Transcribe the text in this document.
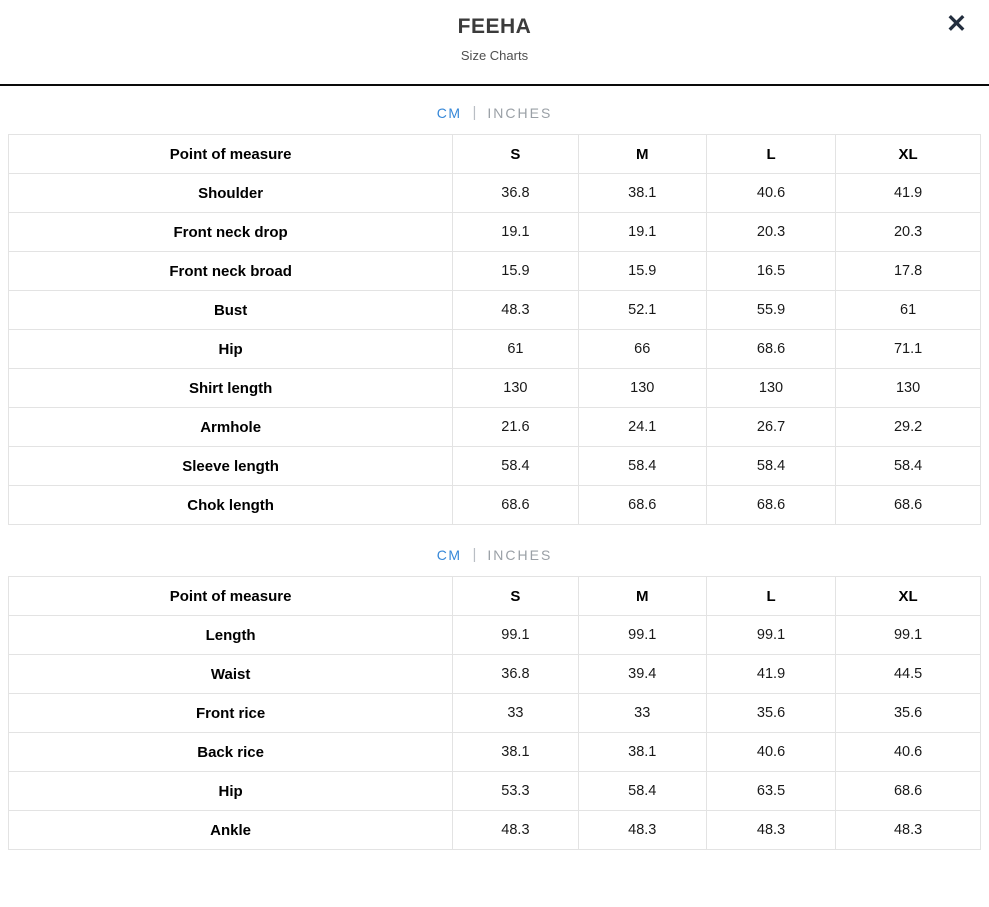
FEEHA
Size Charts
✕
CM | INCHES
Point of measure	S	M	L	XL
Shoulder	36.8	38.1	40.6	41.9
Front neck drop	19.1	19.1	20.3	20.3
Front neck broad	15.9	15.9	16.5	17.8
Bust	48.3	52.1	55.9	61
Hip	61	66	68.6	71.1
Shirt length	130	130	130	130
Armhole	21.6	24.1	26.7	29.2
Sleeve length	58.4	58.4	58.4	58.4
Chok length	68.6	68.6	68.6	68.6
CM | INCHES
Point of measure	S	M	L	XL
Length	99.1	99.1	99.1	99.1
Waist	36.8	39.4	41.9	44.5
Front rice	33	33	35.6	35.6
Back rice	38.1	38.1	40.6	40.6
Hip	53.3	58.4	63.5	68.6
Ankle	48.3	48.3	48.3	48.3
